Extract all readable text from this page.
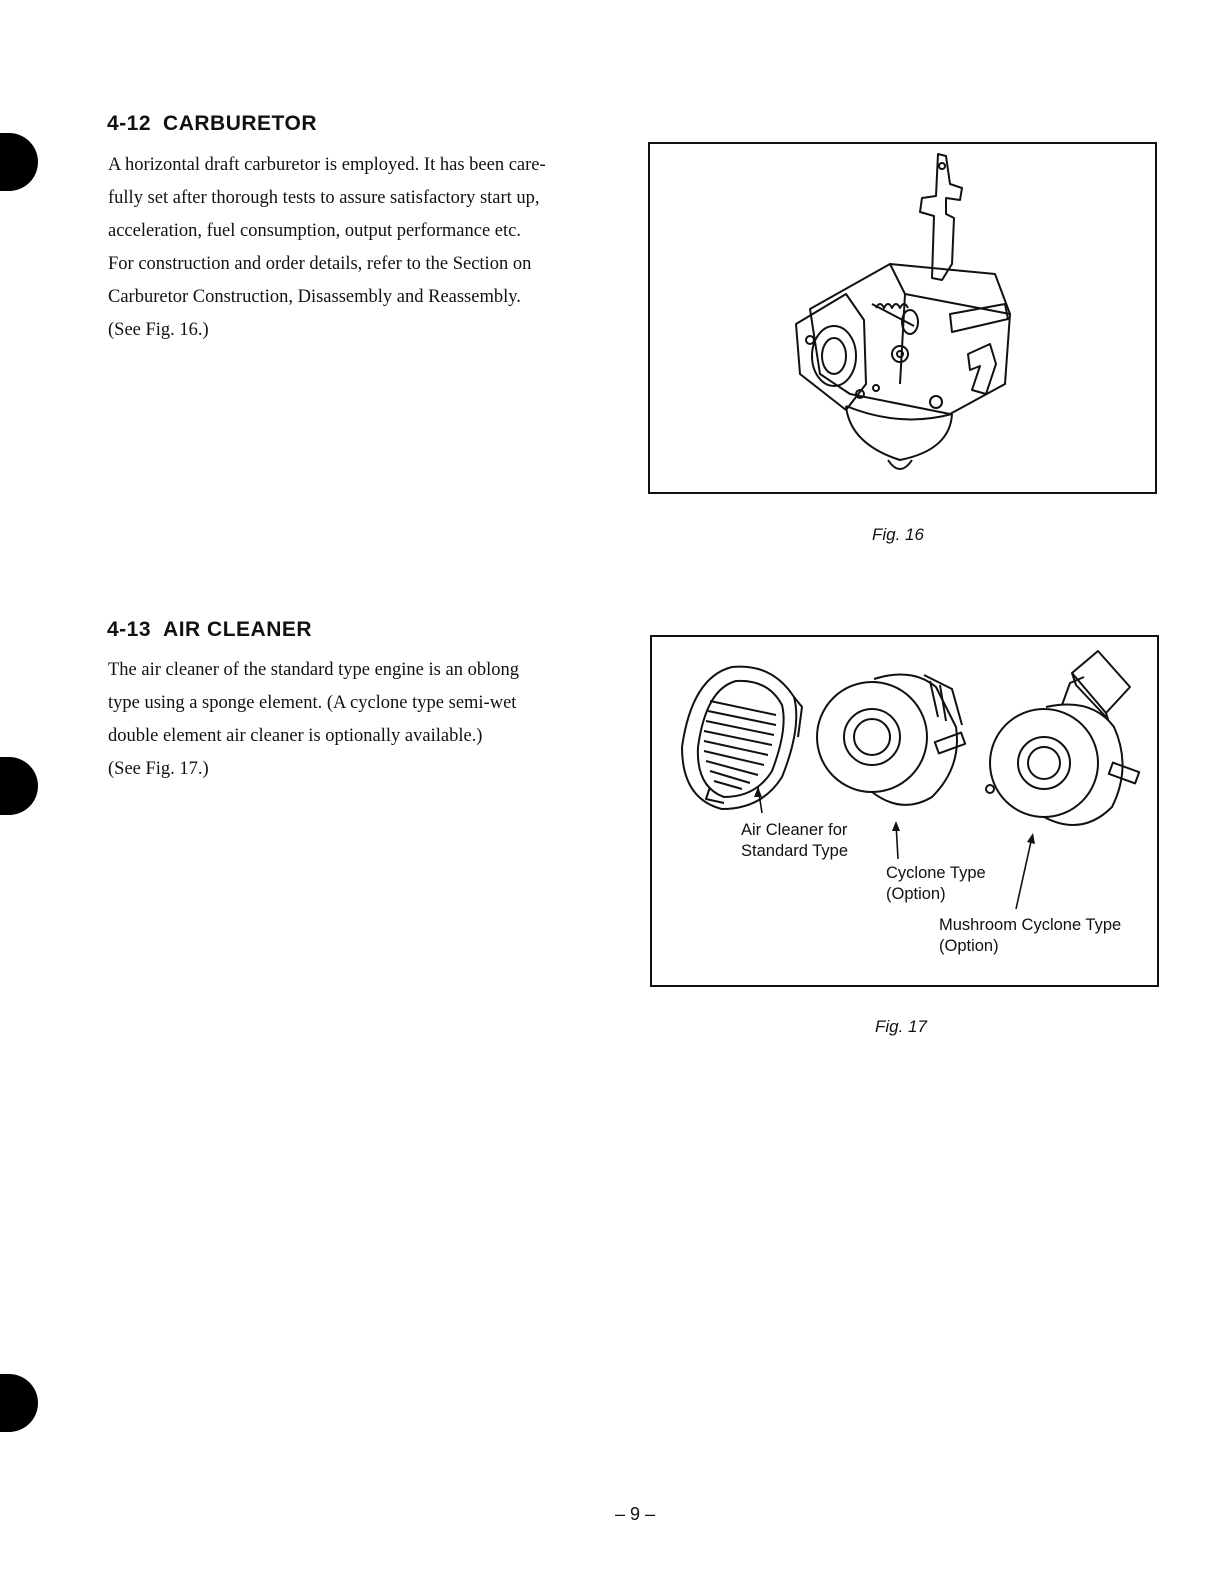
4-12 CARBURETOR

A horizontal draft carburetor is employed. It has been care-
fully set after thorough tests to assure satisfactory start up,
acceleration, fuel consumption, output performance etc.
For construction and order details, refer to the Section on
Carburetor Construction, Disassembly and Reassembly.
(See Fig. 16.)

Fig. 16
4-13 AIR CLEANER

The air cleaner of the standard type engine is an oblong
type using a sponge element. (A cyclone type semi-wet
double element air cleaner is optionally available.)
(See Fig. 17.)

Air Cleaner for
Standard Type
Cyclone Type
(Option)
Mushroom Cyclone Type
(Option)
Fig. 17
– 9 –
